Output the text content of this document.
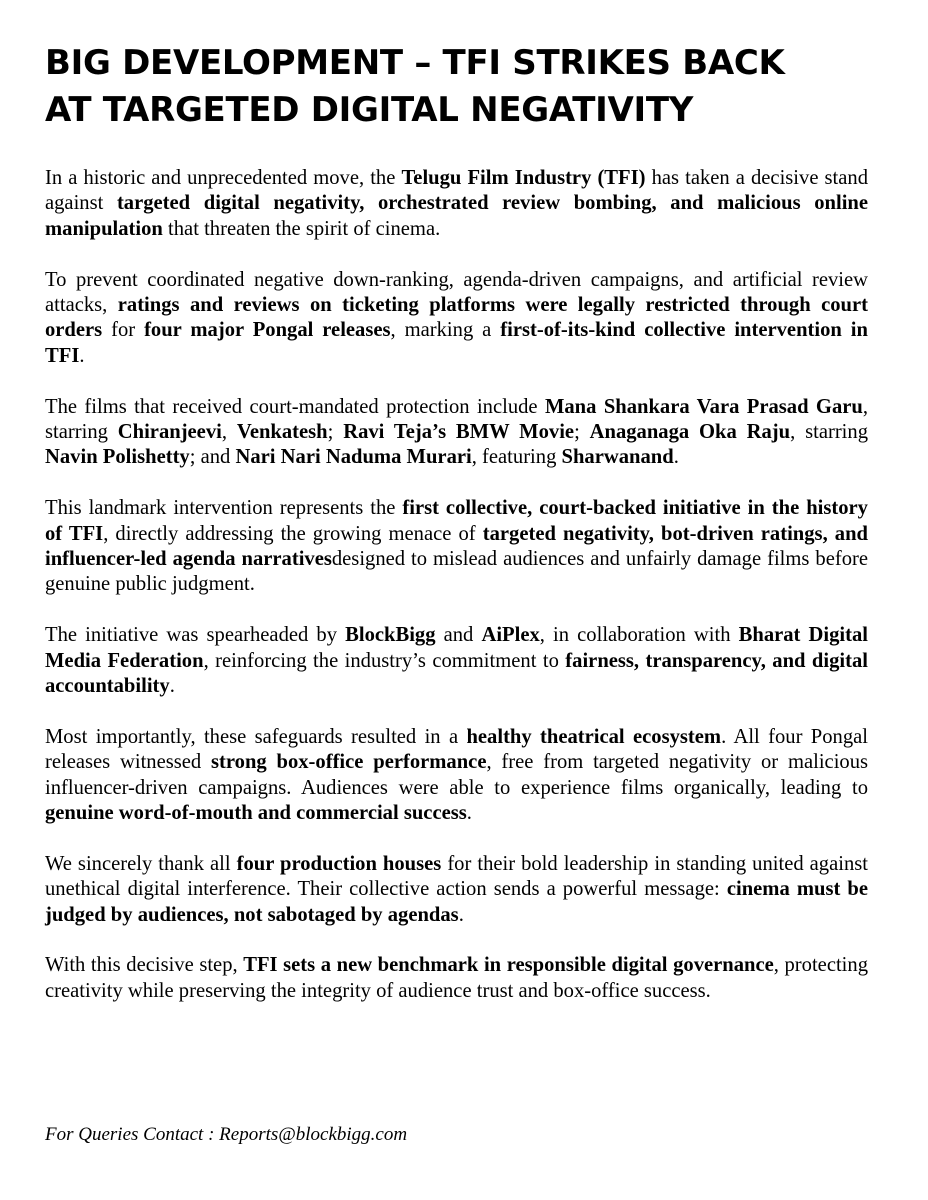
BIG DEVELOPMENT – TFI STRIKES BACK
AT TARGETED DIGITAL NEGATIVITY

In a historic and unprecedented move, the Telugu Film Industry (TFI) has taken a decisive stand against targeted digital negativity, orchestrated review bombing, and malicious online manipulation that threaten the spirit of cinema.

To prevent coordinated negative down-ranking, agenda-driven campaigns, and artificial review attacks, ratings and reviews on ticketing platforms were legally restricted through court orders for four major Pongal releases, marking a first-of-its-kind collective intervention in TFI.

The films that received court-mandated protection include Mana Shankara Vara Prasad Garu, starring Chiranjeevi, Venkatesh; Ravi Teja’s BMW Movie; Anaganaga Oka Raju, starring Navin Polishetty; and Nari Nari Naduma Murari, featuring Sharwanand.

This landmark intervention represents the first collective, court-backed initiative in the history of TFI, directly addressing the growing menace of targeted negativity, bot-driven ratings, and influencer-led agenda narrativesdesigned to mislead audiences and unfairly damage films before genuine public judgment.

The initiative was spearheaded by BlockBigg and AiPlex, in collaboration with Bharat Digital Media Federation, reinforcing the industry’s commitment to fairness, transparency, and digital accountability.

Most importantly, these safeguards resulted in a healthy theatrical ecosystem. All four Pongal releases witnessed strong box-office performance, free from targeted negativity or malicious influencer-driven campaigns. Audiences were able to experience films organically, leading to genuine word-of-mouth and commercial success.

We sincerely thank all four production houses for their bold leadership in standing united against unethical digital interference. Their collective action sends a powerful message: cinema must be judged by audiences, not sabotaged by agendas.

With this decisive step, TFI sets a new benchmark in responsible digital governance, protecting creativity while preserving the integrity of audience trust and box-office success.

For Queries Contact : Reports@blockbigg.com
